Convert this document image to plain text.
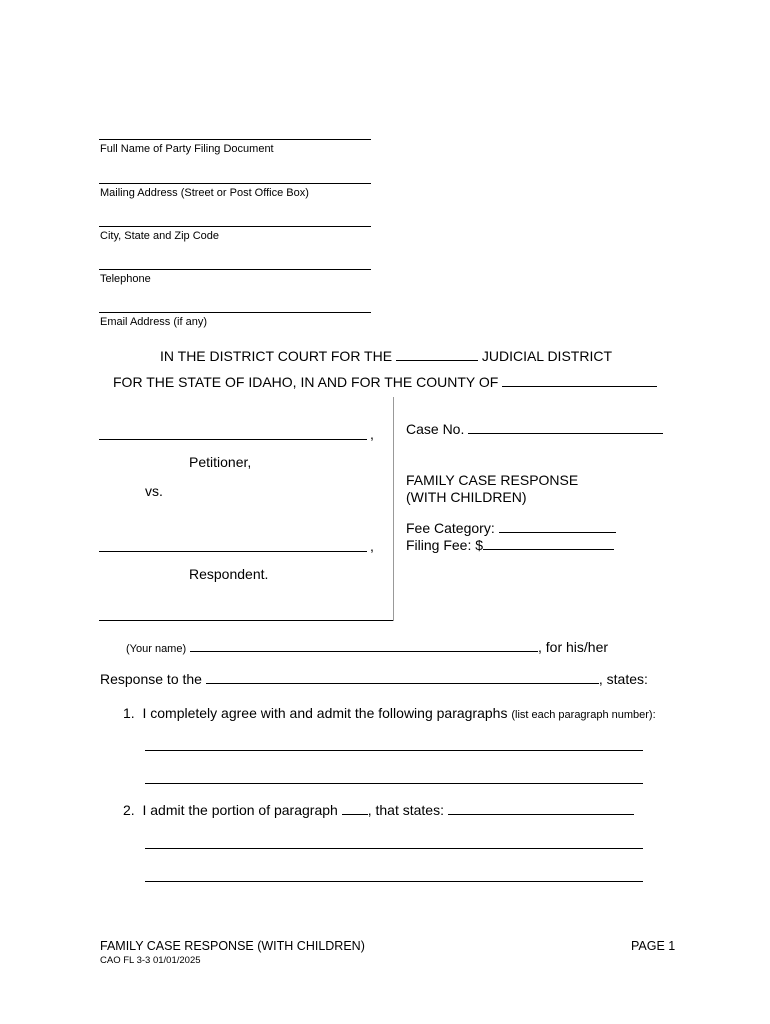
Full Name of Party Filing Document
Mailing Address (Street or Post Office Box)
City, State and Zip Code
Telephone
Email Address (if any)
IN THE DISTRICT COURT FOR THE	JUDICIAL DISTRICT
FOR THE STATE OF IDAHO, IN AND FOR THE COUNTY OF
,
Petitioner,
vs.
,
Respondent.
Case No.
FAMILY CASE RESPONSE
(WITH CHILDREN)
Fee Category:
Filing Fee: $
(Your name)	, for his/her
Response to the	, states:
1. I completely agree with and admit the following paragraphs (list each paragraph number):
2. I admit the portion of paragraph , that states:
FAMILY CASE RESPONSE (WITH CHILDREN)
CAO FL 3-3 01/01/2025
PAGE 1
